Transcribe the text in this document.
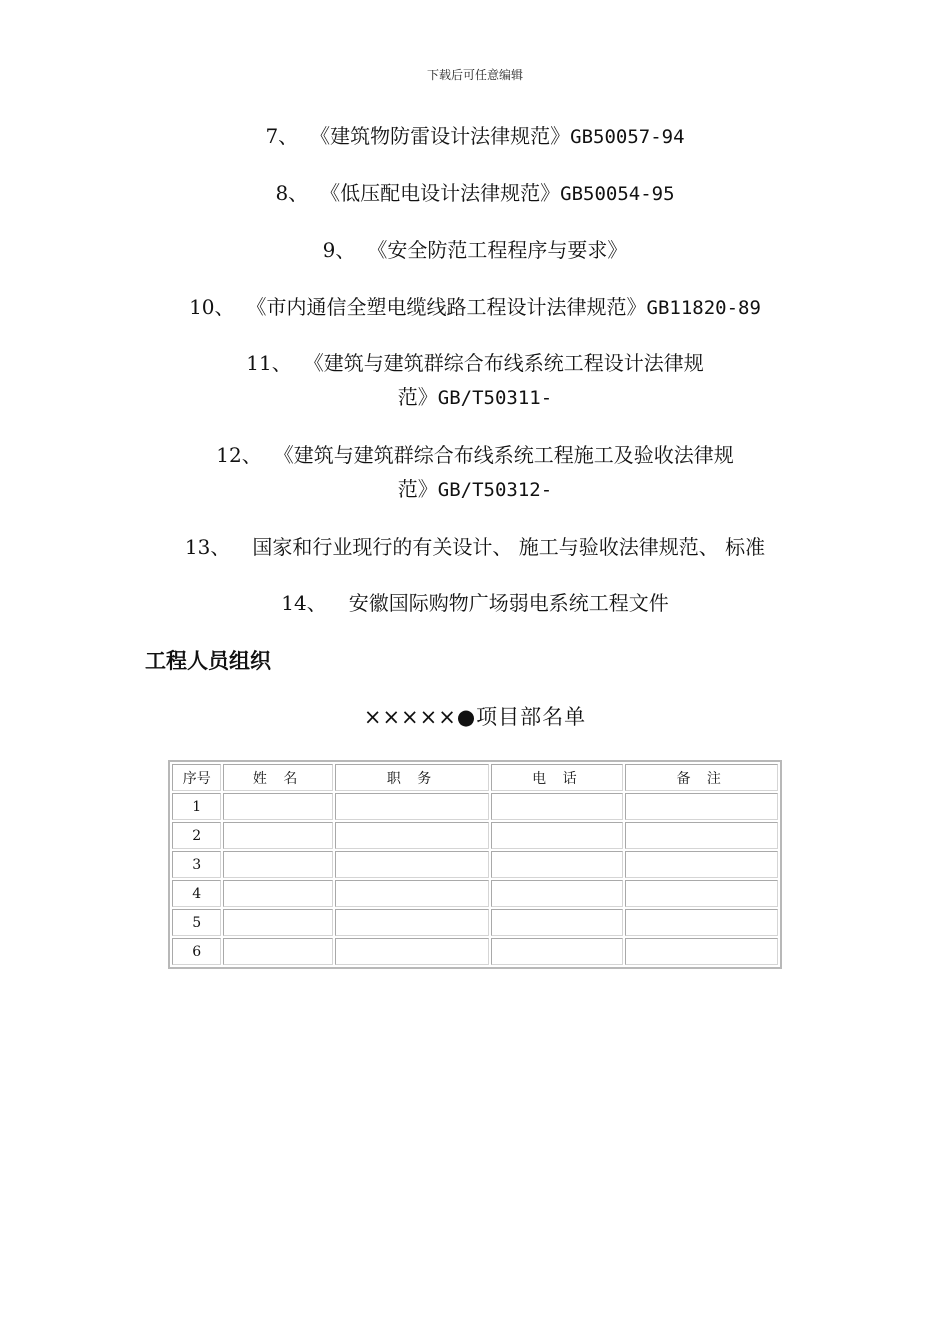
下载后可任意编辑
7、 《建筑物防雷设计法律规范》GB50057-94
8、 《低压配电设计法律规范》GB50054-95
9、 《安全防范工程程序与要求》
10、 《市内通信全塑电缆线路工程设计法律规范》GB11820-89
11、 《建筑与建筑群综合布线系统工程设计法律规
范》GB/T50311-
12、 《建筑与建筑群综合布线系统工程施工及验收法律规
范》GB/T50312-
13、 国家和行业现行的有关设计、 施工与验收法律规范、 标准
14、 安徽国际购物广场弱电系统工程文件
工程人员组织
×××××●项目部名单
序号	姓 名	职 务	电 话	备 注
1				
2				
3				
4				
5				
6				
